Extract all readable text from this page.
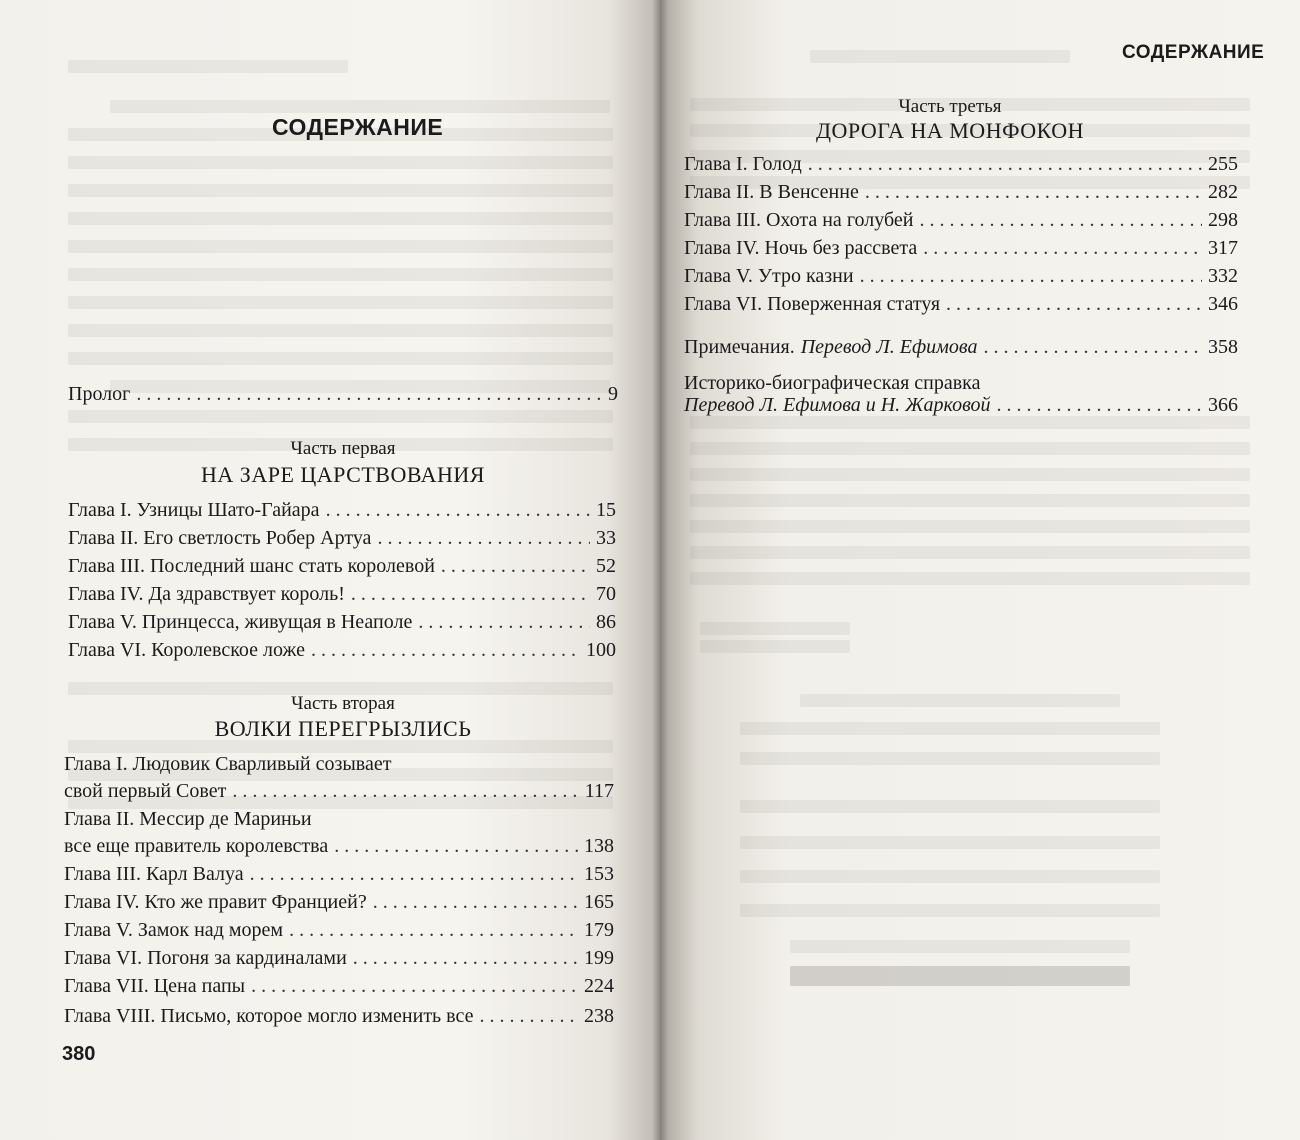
СОДЕРЖАНИЕ
Пролог . . .	9
Часть первая
НА ЗАРЕ ЦАРСТВОВАНИЯ
Глава I. Узницы Шато-Гайара . . .	15
Глава II. Его светлость Робер Артуа . . .	33
Глава III. Последний шанс стать королевой . . .	52
Глава IV. Да здравствует король! . . .	70
Глава V. Принцесса, живущая в Неаполе . . .	86
Глава VI. Королевское ложе . . .	100
Часть вторая
ВОЛКИ ПЕРЕГРЫЗЛИСЬ
Глава I. Людовик Сварливый созывает
свой первый Совет . . .	117
Глава II. Мессир де Мариньи
все еще правитель королевства . . .	138
Глава III. Карл Валуа . . .	153
Глава IV. Кто же правит Францией? . . .	165
Глава V. Замок над морем . . .	179
Глава VI. Погоня за кардиналами . . .	199
Глава VII. Цена папы . . .	224
Глава VIII. Письмо, которое могло изменить все . . .	238
380
СОДЕРЖАНИЕ
Часть третья
ДОРОГА НА МОНФОКОН
Глава I. Голод . . .	255
Глава II. В Венсенне . . .	282
Глава III. Охота на голубей . . .	298
Глава IV. Ночь без рассвета . . .	317
Глава V. Утро казни . . .	332
Глава VI. Поверженная статуя . . .	346
Примечания. Перевод Л. Ефимова . . .	358
Историко-биографическая справка
Перевод Л. Ефимова и Н. Жарковой . . .	366
